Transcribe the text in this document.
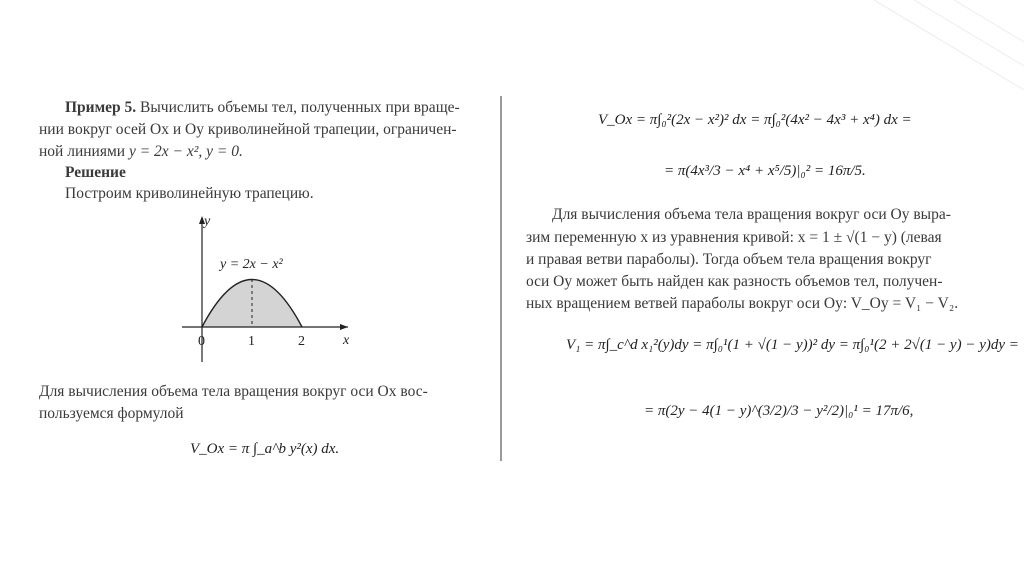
Пример 5. Вычислить объемы тел, полученных при враще-
нии вокруг осей Ox и Oy криволинейной трапеции, ограничен-
ной линиями y = 2x − x², y = 0.
Решение
Построим криволинейную трапецию.
y
x
y = 2x − x²
0	1	2
Для вычисления объема тела вращения вокруг оси Ox вос-
пользуемся формулой
V_Ox = π ∫_a^b y²(x) dx.
V_Ox = π∫₀²(2x − x²)² dx = π∫₀²(4x² − 4x³ + x⁴) dx =
= π(4x³/3 − x⁴ + x⁵/5)|₀² = 16π/5.
Для вычисления объема тела вращения вокруг оси Oy выра-
зим переменную x из уравнения кривой: x = 1 ± √(1 − y) (левая
и правая ветви параболы). Тогда объем тела вращения вокруг
оси Oy может быть найден как разность объемов тел, получен-
ных вращением ветвей параболы вокруг оси Oy: V_Oy = V₁ − V₂.
V₁ = π∫_c^d x₁²(y)dy = π∫₀¹(1 + √(1 − y))² dy = π∫₀¹(2 + 2√(1 − y) − y)dy =
= π(2y − 4(1 − y)^(3/2)/3 − y²/2)|₀¹ = 17π/6,
